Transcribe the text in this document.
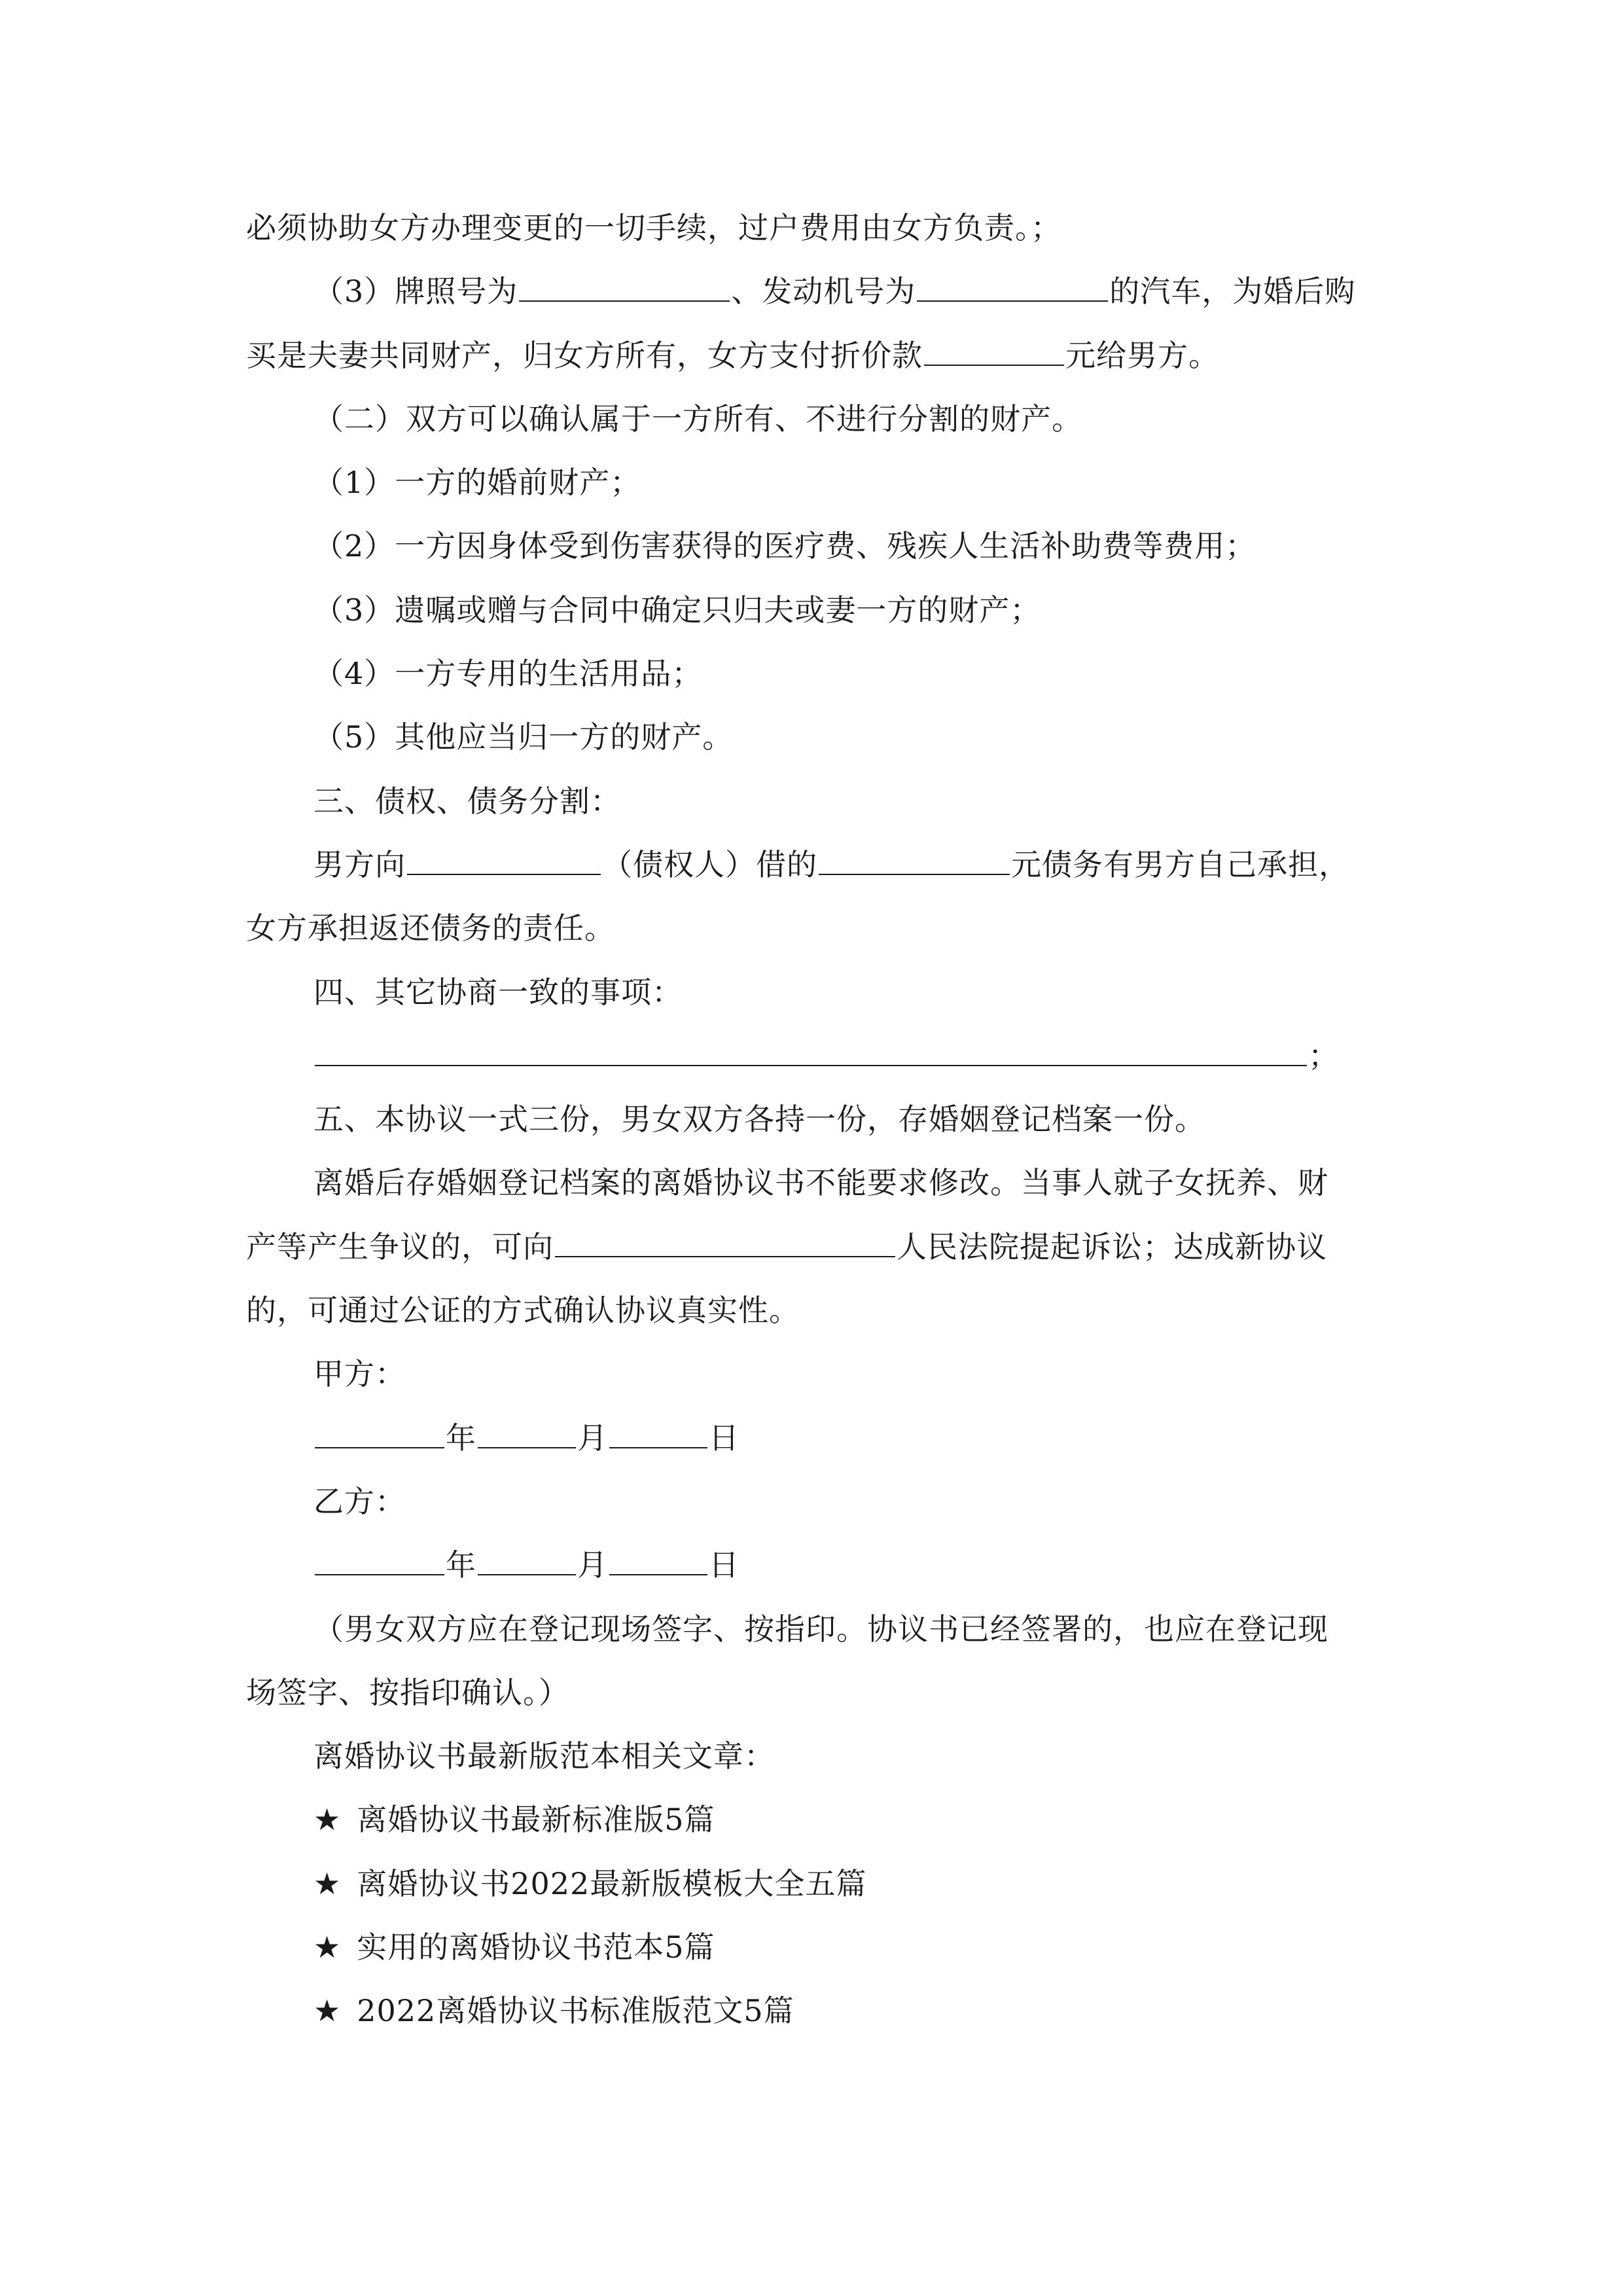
必须协助女方办理变更的一切手续，过户费用由女方负责。；
（3）牌照号为	、发动机号为	的汽车，为婚后购
买是夫妻共同财产，归女方所有，女方支付折价款	元给男方。
（二）双方可以确认属于一方所有、不进行分割的财产。
（1）一方的婚前财产；
（2）一方因身体受到伤害获得的医疗费、残疾人生活补助费等费用；
（3）遗嘱或赠与合同中确定只归夫或妻一方的财产；
（4）一方专用的生活用品；
（5）其他应当归一方的财产。
三、债权、债务分割：
男方向	（债权人）借的	元债务有男方自己承担，
女方承担返还债务的责任。
四、其它协商一致的事项：
；
五、本协议一式三份，男女双方各持一份，存婚姻登记档案一份。
离婚后存婚姻登记档案的离婚协议书不能要求修改。当事人就子女抚养、财
产等产生争议的，可向	人民法院提起诉讼；达成新协议
的，可通过公证的方式确认协议真实性。
甲方：
年	月	日
乙方：
年	月	日
（男女双方应在登记现场签字、按指印。协议书已经签署的，也应在登记现
场签字、按指印确认。）
离婚协议书最新版范本相关文章：
★ 离婚协议书最新标准版5篇
★ 离婚协议书2022最新版模板大全五篇
★ 实用的离婚协议书范本5篇
★ 2022离婚协议书标准版范文5篇
